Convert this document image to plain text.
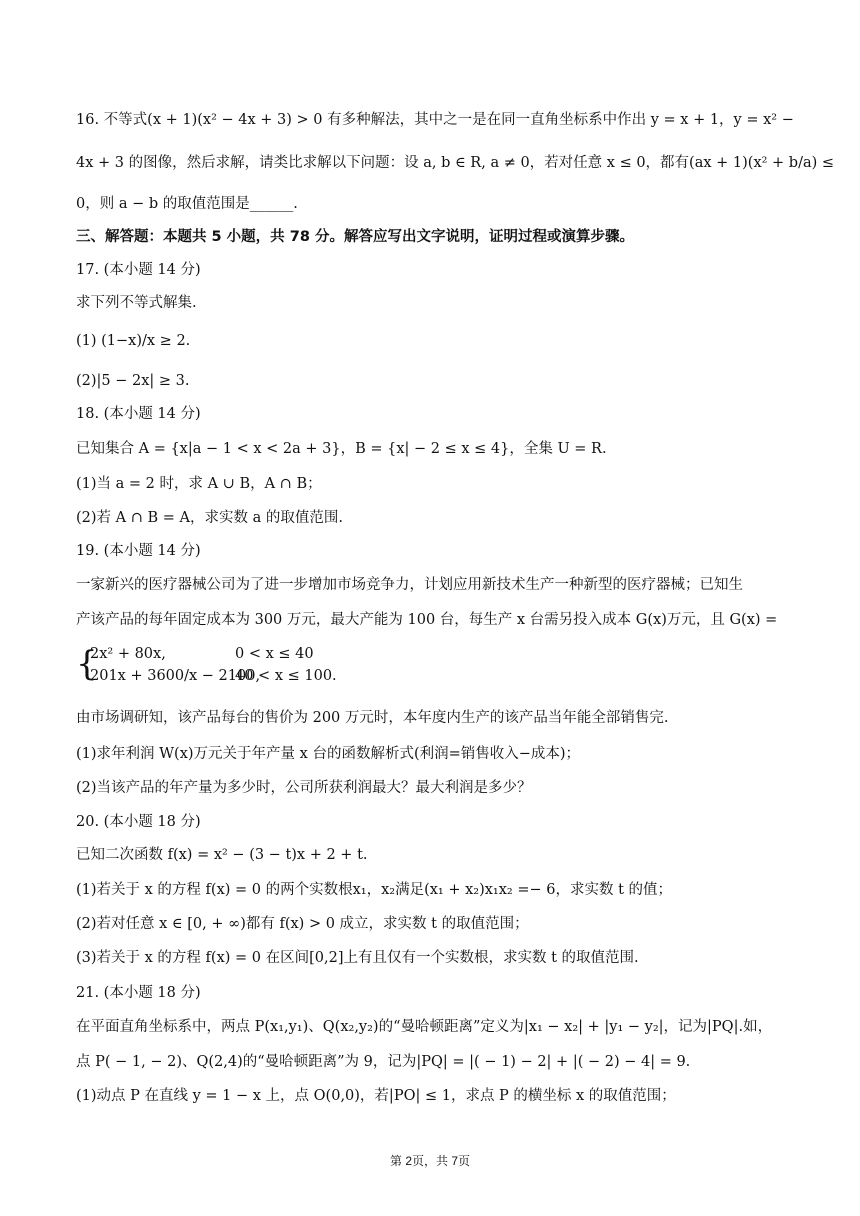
16. 不等式(x + 1)(x² − 4x + 3) > 0 有多种解法，其中之一是在同一直角坐标系中作出 y = x + 1，y = x² −
4x + 3 的图像，然后求解，请类比求解以下问题：设 a, b ∈ R, a ≠ 0，若对任意 x ≤ 0，都有(ax + 1)(x² + b/a) ≤
0，则 a − b 的取值范围是______.
三、解答题：本题共 5 小题，共 78 分。解答应写出文字说明，证明过程或演算步骤。
17. (本小题 14 分)
求下列不等式解集.
(1) (1−x)/x ≥ 2.
(2)|5 − 2x| ≥ 3.
18. (本小题 14 分)
已知集合 A = {x|a − 1 < x < 2a + 3}，B = {x| − 2 ≤ x ≤ 4}，全集 U = R.
(1)当 a = 2 时，求 A ∪ B，A ∩ B；
(2)若 A ∩ B = A，求实数 a 的取值范围.
19. (本小题 14 分)
一家新兴的医疗器械公司为了进一步增加市场竞争力，计划应用新技术生产一种新型的医疗器械；已知生
产该产品的每年固定成本为 300 万元，最大产能为 100 台，每生产 x 台需另投入成本 G(x)万元，且 G(x) =
{
2x² + 80x,	0 < x ≤ 40
201x + 3600/x − 2100,
40 < x ≤ 100.
由市场调研知，该产品每台的售价为 200 万元时，本年度内生产的该产品当年能全部销售完.
(1)求年利润 W(x)万元关于年产量 x 台的函数解析式(利润=销售收入−成本)；
(2)当该产品的年产量为多少时，公司所获利润最大？最大利润是多少？
20. (本小题 18 分)
已知二次函数 f(x) = x² − (3 − t)x + 2 + t.
(1)若关于 x 的方程 f(x) = 0 的两个实数根x₁，x₂满足(x₁ + x₂)x₁x₂ =− 6，求实数 t 的值；
(2)若对任意 x ∈ [0, + ∞)都有 f(x) > 0 成立，求实数 t 的取值范围；
(3)若关于 x 的方程 f(x) = 0 在区间[0,2]上有且仅有一个实数根，求实数 t 的取值范围.
21. (本小题 18 分)
在平面直角坐标系中，两点 P(x₁,y₁)、Q(x₂,y₂)的“曼哈顿距离”定义为|x₁ − x₂| + |y₁ − y₂|，记为|PQ|.如，
点 P( − 1, − 2)、Q(2,4)的“曼哈顿距离”为 9，记为|PQ| = |( − 1) − 2| + |( − 2) − 4| = 9.
(1)动点 P 在直线 y = 1 − x 上，点 O(0,0)，若|PO| ≤ 1，求点 P 的横坐标 x 的取值范围；
第 2页，共 7页
